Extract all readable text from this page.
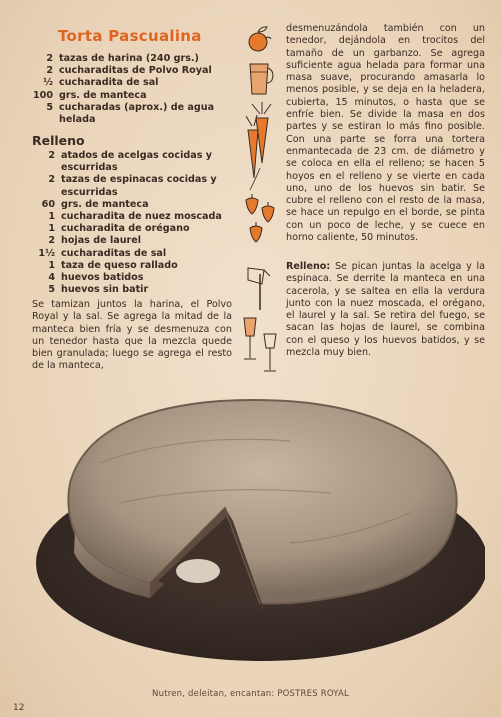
Torta Pascualina
2 tazas de harina (240 grs.)
2 cucharaditas de Polvo Royal
½ cucharadita de sal
100 grs. de manteca
5 cucharadas (aprox.) de agua helada
Relleno
2 atados de acelgas cocidas y escurridas
2 tazas de espinacas cocidas y escurridas
60 grs. de manteca
1 cucharadita de nuez moscada
1 cucharadita de orégano
2 hojas de laurel
1½ cucharaditas de sal
1 taza de queso rallado
4 huevos batidos
5 huevos sin batir
Se tamizan juntos la harina, el Polvo Royal y la sal. Se agrega la mitad de la manteca bien fría y se desmenuza con un tenedor hasta que la mezcla quede bien granulada; luego se agrega el resto de la manteca,
desmenuzándola también con un tenedor, dejándola en trocitos del tamaño de un garbanzo. Se agrega suficiente agua helada para formar una masa suave, procurando amasarla lo menos posible, y se deja en la heladera, cubierta, 15 minutos, o hasta que se enfríe bien. Se divide la masa en dos partes y se estiran lo más fino posible. Con una parte se forra una tortera enmantecada de 23 cm. de diámetro y se coloca en ella el relleno; se hacen 5 hoyos en el relleno y se vierte en cada uno, uno de los huevos sin batir. Se cubre el relleno con el resto de la masa, se hace un repulgo en el borde, se pinta con un poco de leche, y se cuece en horno caliente, 50 minutos.
Relleno: Se pican juntas la acelga y la espinaca. Se derrite la manteca en una cacerola, y se saltea en ella la verdura junto con la nuez moscada, el orégano, el laurel y la sal. Se retira del fuego, se sacan las hojas de laurel, se combina con el queso y los huevos batidos, y se mezcla muy bien.
Nutren, deleitan, encantan: POSTRES ROYAL
12
